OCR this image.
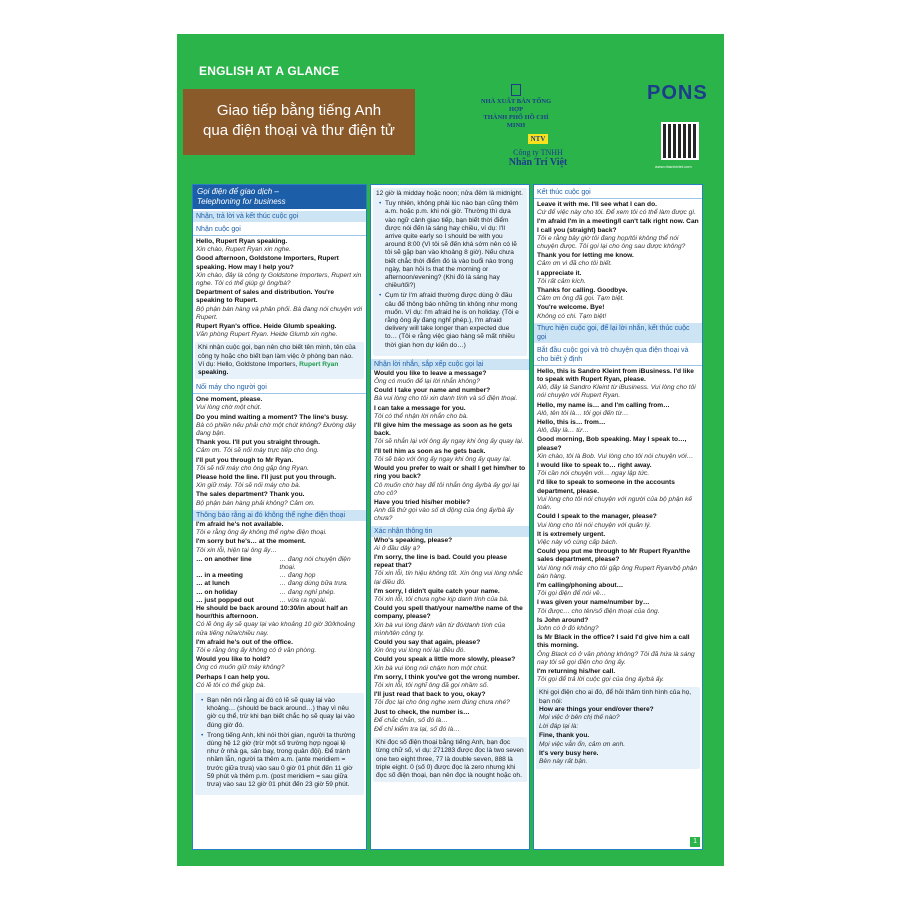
ENGLISH AT A GLANCE
Giao tiếp bằng tiếng Anh
qua điện thoại và thư điện tử
NHÀ XUẤT BẢN TỔNG HỢP
THÀNH PHỐ HỒ CHÍ MINH
PONS
www.nhantriviet.com
NTV
Công ty TNHH
Nhân Trí Việt
Gọi điện để giao dịch –
Telephoning for business
Nhận, trả lời và kết thúc cuộc gọi
Nhận cuộc gọi
Hello, Rupert Ryan speaking.
Xin chào, Rupert Ryan xin nghe.
Good afternoon, Goldstone Importers, Rupert speaking. How may I help you?
Xin chào, đây là công ty Goldstone Importers, Rupert xin nghe. Tôi có thể giúp gì ông/bà?
Department of sales and distribution. You're speaking to Rupert.
Bộ phận bán hàng và phân phối. Bà đang nói chuyện với Rupert.
Rupert Ryan's office. Heide Glumb speaking.
Văn phòng Rupert Ryan. Heide Glumb xin nghe.
Khi nhận cuộc gọi, bạn nên cho biết tên mình, tên của công ty hoặc cho biết bạn làm việc ở phòng ban nào. Ví dụ: Hello, Goldstone Importers, Rupert Ryan speaking.
Nối máy cho người gọi
One moment, please.
Vui lòng chờ một chút.
Do you mind waiting a moment? The line's busy.
Bà có phiền nếu phải chờ một chút không? Đường dây đang bận.
Thank you. I'll put you straight through.
Cảm ơn. Tôi sẽ nối máy trực tiếp cho ông.
I'll put you through to Mr Ryan.
Tôi sẽ nối máy cho ông gặp ông Ryan.
Please hold the line. I'll just put you through.
Xin giữ máy. Tôi sẽ nối máy cho bà.
The sales department? Thank you.
Bộ phận bán hàng phải không? Cảm ơn.
Thông báo rằng ai đó không thể nghe điện thoại
I'm afraid he's not available.
Tôi e rằng ông ấy không thể nghe điện thoại.
I'm sorry but he's… at the moment.
Tôi xin lỗi, hiện tại ông ấy…
… on another line	… đang nói chuyện điện thoại.
… in a meeting	… đang họp
… at lunch	… đang dùng bữa trưa.
… on holiday	… đang nghỉ phép.
… just popped out	… vừa ra ngoài.
He should be back around 10:30/in about half an hour/this afternoon.
Có lẽ ông ấy sẽ quay lại vào khoảng 10 giờ 30/khoảng nửa tiếng nữa/chiều nay.
I'm afraid he's out of the office.
Tôi e rằng ông ấy không có ở văn phòng.
Would you like to hold?
Ông có muốn giữ máy không?
Perhaps I can help you.
Có lẽ tôi có thể giúp bà.
• Bạn nên nói rằng ai đó có lẽ sẽ quay lại vào khoảng… (should be back around…) thay vì nêu giờ cụ thể, trừ khi bạn biết chắc họ sẽ quay lại vào đúng giờ đó.
• Trong tiếng Anh, khi nói thời gian, người ta thường dùng hệ 12 giờ (trừ một số trường hợp ngoại lệ như ở nhà ga, sân bay, trong quân đội). Để tránh nhầm lẫn, người ta thêm a.m. (ante meridiem = trước giữa trưa) vào sau 0 giờ 01 phút đến 11 giờ 59 phút và thêm p.m. (post meridiem = sau giữa trưa) vào sau 12 giờ 01 phút đến 23 giờ 59 phút.
12 giờ là midday hoặc noon; nửa đêm là midnight.
• Tuy nhiên, không phải lúc nào bạn cũng thêm a.m. hoặc p.m. khi nói giờ. Thường thì dựa vào ngữ cảnh giao tiếp, bạn biết thời điểm được nói đến là sáng hay chiều, ví dụ: I'll arrive quite early so I should be with you around 8:00 (Vì tôi sẽ đến khá sớm nên có lẽ tôi sẽ gặp bạn vào khoảng 8 giờ). Nếu chưa biết chắc thời điểm đó là vào buổi nào trong ngày, bạn hỏi Is that the morning or afternoon/evening? (Khi đó là sáng hay chiều/tối?)
• Cụm từ I'm afraid thường được dùng ở đầu câu để thông báo những tin không như mong muốn. Ví dụ: I'm afraid he is on holiday. (Tôi e rằng ông ấy đang nghỉ phép.), I'm afraid delivery will take longer than expected due to… (Tôi e rằng việc giao hàng sẽ mất nhiều thời gian hơn dự kiến do…)
Nhận lời nhắn, sắp xếp cuộc gọi lại
Would you like to leave a message?
Ông có muốn để lại lời nhắn không?
Could I take your name and number?
Bà vui lòng cho tôi xin danh tính và số điện thoại.
I can take a message for you.
Tôi có thể nhận lời nhắn cho bà.
I'll give him the message as soon as he gets back.
Tôi sẽ nhắn lại với ông ấy ngay khi ông ấy quay lại.
I'll tell him as soon as he gets back.
Tôi sẽ báo với ông ấy ngay khi ông ấy quay lại.
Would you prefer to wait or shall I get him/her to ring you back?
Cô muốn chờ hay để tôi nhắn ông ấy/bà ấy gọi lại cho cô?
Have you tried his/her mobile?
Anh đã thử gọi vào số di động của ông ấy/bà ấy chưa?
Xác nhận thông tin
Who's speaking, please?
Ai ở đầu dây ạ?
I'm sorry, the line is bad. Could you please repeat that?
Tôi xin lỗi, tín hiệu không tốt. Xin ông vui lòng nhắc lại điều đó.
I'm sorry, I didn't quite catch your name.
Tôi xin lỗi, tôi chưa nghe kịp danh tính của bà.
Could you spell that/your name/the name of the company, please?
Xin bà vui lòng đánh vần từ đó/danh tính của mình/tên công ty.
Could you say that again, please?
Xin ông vui lòng nói lại điều đó.
Could you speak a little more slowly, please?
Xin bà vui lòng nói chậm hơn một chút.
I'm sorry, I think you've got the wrong number.
Tôi xin lỗi, tôi nghĩ ông đã gọi nhầm số.
I'll just read that back to you, okay?
Tôi đọc lại cho ông nghe xem đúng chưa nhé?
Just to check, the number is…
Để chắc chắn, số đó là…
Để chỉ kiểm tra lại, số đó là…
Khi đọc số điện thoại bằng tiếng Anh, bạn đọc từng chữ số, ví dụ: 271283 được đọc là two seven one two eight three, 77 là double seven, 888 là triple eight. 0 (số 0) được đọc là zero nhưng khi đọc số điện thoại, bạn nên đọc là nought hoặc oh.
Kết thúc cuộc gọi
Leave it with me. I'll see what I can do.
Cứ để việc này cho tôi. Để xem tôi có thể làm được gì.
I'm afraid I'm in a meeting/I can't talk right now. Can I call you (straight) back?
Tôi e rằng bây giờ tôi đang họp/tôi không thể nói chuyện được. Tôi gọi lại cho ông sau được không?
Thank you for letting me know.
Cảm ơn vì đã cho tôi biết.
I appreciate it.
Tôi rất cảm kích.
Thanks for calling. Goodbye.
Cảm ơn ông đã gọi. Tạm biệt.
You're welcome. Bye!
Không có chi. Tạm biệt!
Thực hiện cuộc gọi, để lại lời nhắn, kết thúc cuộc gọi
Bắt đầu cuộc gọi và trò chuyện qua điện thoại và cho biết ý định
Hello, this is Sandro Kleint from iBusiness. I'd like to speak with Rupert Ryan, please.
Alô, đây là Sandro Kleint từ iBusiness. Vui lòng cho tôi nói chuyện với Rupert Ryan.
Hello, my name is… and I'm calling from…
Alô, tên tôi là… tôi gọi đến từ…
Hello, this is… from…
Alô, đây là… từ…
Good morning, Bob speaking. May I speak to…, please?
Xin chào, tôi là Bob. Vui lòng cho tôi nói chuyện với…
I would like to speak to… right away.
Tôi cần nói chuyện với… ngay lập tức.
I'd like to speak to someone in the accounts department, please.
Vui lòng cho tôi nói chuyện với người của bộ phận kế toán.
Could I speak to the manager, please?
Vui lòng cho tôi nói chuyện với quản lý.
It is extremely urgent.
Việc này vô cùng cấp bách.
Could you put me through to Mr Rupert Ryan/the sales department, please?
Vui lòng nối máy cho tôi gặp ông Rupert Ryan/bộ phận bán hàng.
I'm calling/phoning about…
Tôi gọi điện để nói về…
I was given your name/number by…
Tôi được… cho tên/số điện thoại của ông.
Is John around?
John có ở đó không?
Is Mr Black in the office? I said I'd give him a call this morning.
Ông Black có ở văn phòng không? Tôi đã hứa là sáng nay tôi sẽ gọi điện cho ông ấy.
I'm returning his/her call.
Tôi gọi để trả lời cuộc gọi của ông ấy/bà ấy.
Khi gọi điện cho ai đó, để hỏi thăm tình hình của họ, bạn nói:
How are things your end/over there?
Mọi việc ở bên chị thế nào?
Lời đáp lại là:
Fine, thank you.
Mọi việc vẫn ổn, cảm ơn anh.
It's very busy here.
Bên này rất bận.
1
